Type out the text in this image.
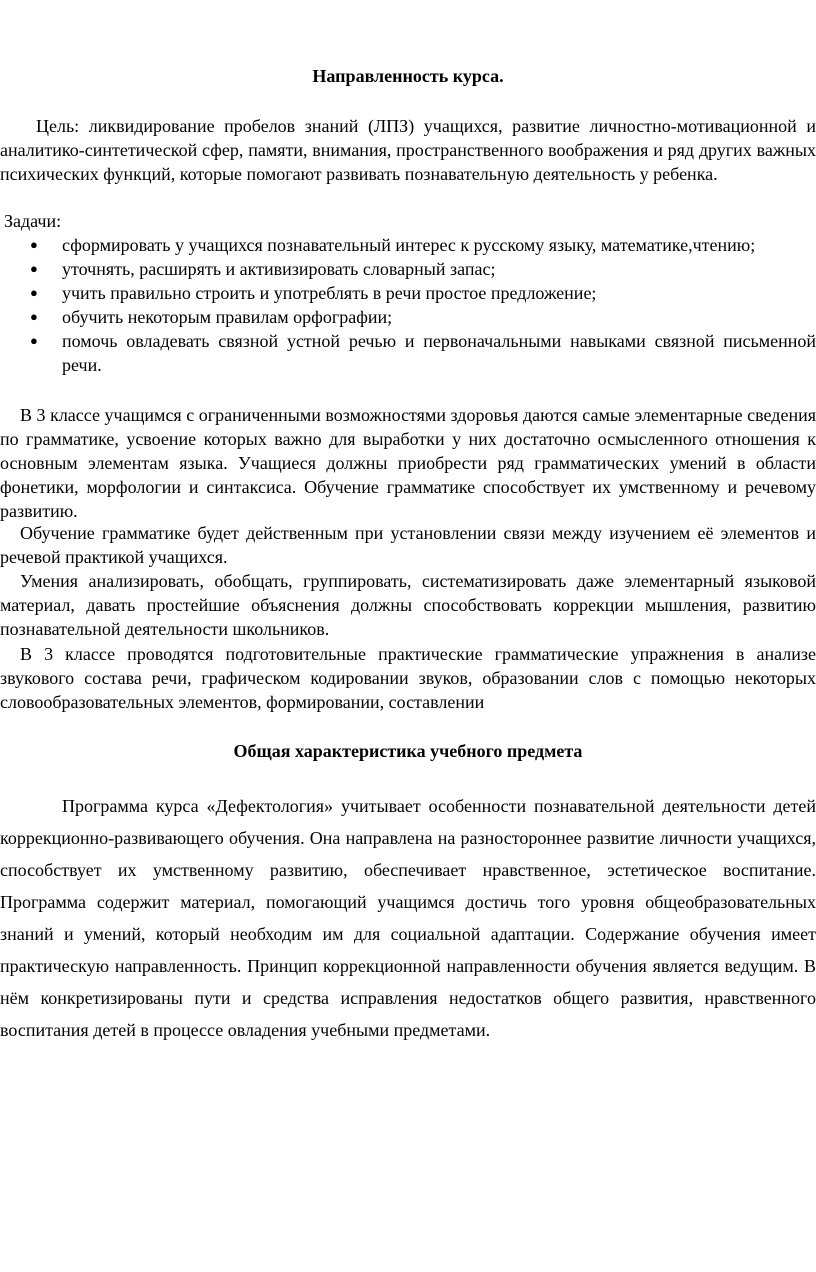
Направленность курса.

Цель: ликвидирование пробелов знаний (ЛПЗ) учащихся, развитие личностно-мотивационной и аналитико-синтетической сфер, памяти, внимания, пространственного воображения и ряд других важных психических функций, которые помогают развивать познавательную деятельность у ребенка.

Задачи:

● сформировать у учащихся познавательный интерес к русскому языку, математике,чтению;
● уточнять, расширять и активизировать словарный запас;
● учить правильно строить и употреблять в речи простое предложение;
● обучить некоторым правилам орфографии;
● помочь овладевать связной устной речью и первоначальными навыками связной письменной речи.

В 3 классе учащимся с ограниченными возможностями здоровья даются самые элементарные сведения по грамматике, усвоение которых важно для выработки у них достаточно осмысленного отношения к основным элементам языка. Учащиеся должны приобрести ряд грамматических умений в области фонетики, морфологии и синтаксиса. Обучение грамматике способствует их умственному и речевому развитию.

Обучение грамматике будет действенным при установлении связи между изучением её элементов и речевой практикой учащихся.

Умения анализировать, обобщать, группировать, систематизировать даже элементарный языковой материал, давать простейшие объяснения должны способствовать коррекции мышления, развитию познавательной деятельности школьников.

В 3 классе проводятся подготовительные практические грамматические упражнения в анализе звукового состава речи, графическом кодировании звуков, образовании слов с помощью некоторых словообразовательных элементов, формировании, составлении

Общая характеристика учебного предмета

Программа курса «Дефектология» учитывает особенности познавательной деятельности детей коррекционно-развивающего обучения. Она направлена на разностороннее развитие личности учащихся, способствует их умственному развитию, обеспечивает нравственное, эстетическое воспитание. Программа содержит материал, помогающий учащимся достичь того уровня общеобразовательных знаний и умений, который необходим им для социальной адаптации. Содержание обучения имеет практическую направленность. Принцип коррекционной направленности обучения является ведущим. В нём конкретизированы пути и средства исправления недостатков общего развития, нравственного воспитания детей в процессе овладения учебными предметами.
